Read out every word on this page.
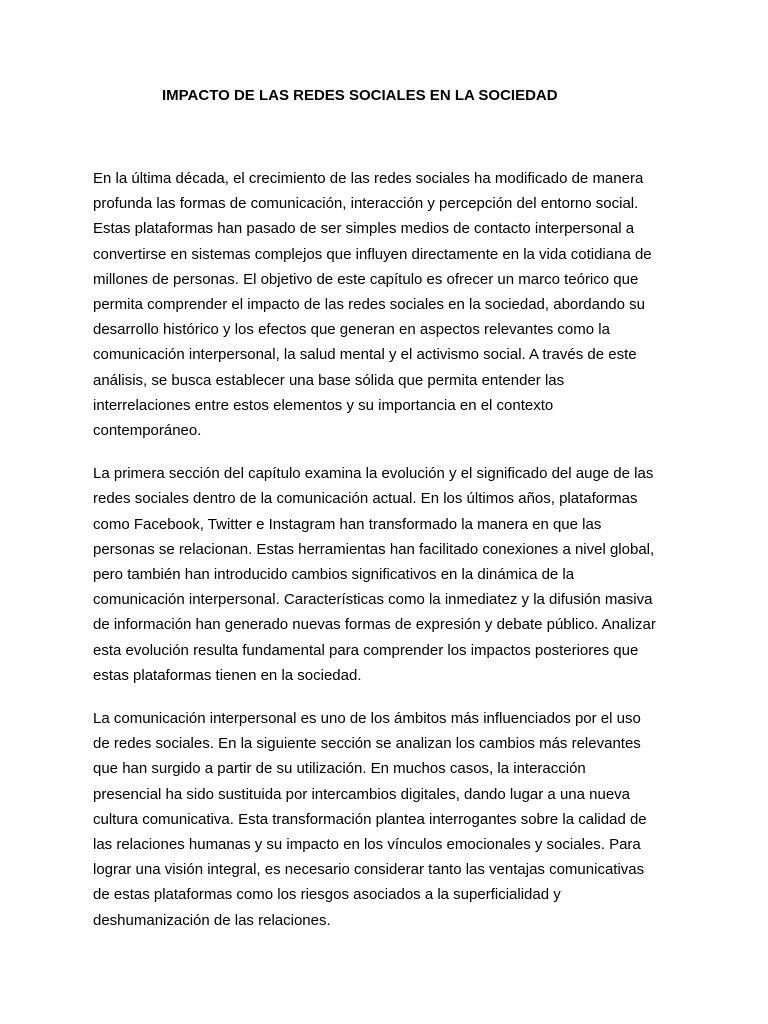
IMPACTO DE LAS REDES SOCIALES EN LA SOCIEDAD

En la última década, el crecimiento de las redes sociales ha modificado de manera
profunda las formas de comunicación, interacción y percepción del entorno social.
Estas plataformas han pasado de ser simples medios de contacto interpersonal a
convertirse en sistemas complejos que influyen directamente en la vida cotidiana de
millones de personas. El objetivo de este capítulo es ofrecer un marco teórico que
permita comprender el impacto de las redes sociales en la sociedad, abordando su
desarrollo histórico y los efectos que generan en aspectos relevantes como la
comunicación interpersonal, la salud mental y el activismo social. A través de este
análisis, se busca establecer una base sólida que permita entender las
interrelaciones entre estos elementos y su importancia en el contexto
contemporáneo.

La primera sección del capítulo examina la evolución y el significado del auge de las
redes sociales dentro de la comunicación actual. En los últimos años, plataformas
como Facebook, Twitter e Instagram han transformado la manera en que las
personas se relacionan. Estas herramientas han facilitado conexiones a nivel global,
pero también han introducido cambios significativos en la dinámica de la
comunicación interpersonal. Características como la inmediatez y la difusión masiva
de información han generado nuevas formas de expresión y debate público. Analizar
esta evolución resulta fundamental para comprender los impactos posteriores que
estas plataformas tienen en la sociedad.

La comunicación interpersonal es uno de los ámbitos más influenciados por el uso
de redes sociales. En la siguiente sección se analizan los cambios más relevantes
que han surgido a partir de su utilización. En muchos casos, la interacción
presencial ha sido sustituida por intercambios digitales, dando lugar a una nueva
cultura comunicativa. Esta transformación plantea interrogantes sobre la calidad de
las relaciones humanas y su impacto en los vínculos emocionales y sociales. Para
lograr una visión integral, es necesario considerar tanto las ventajas comunicativas
de estas plataformas como los riesgos asociados a la superficialidad y
deshumanización de las relaciones.
